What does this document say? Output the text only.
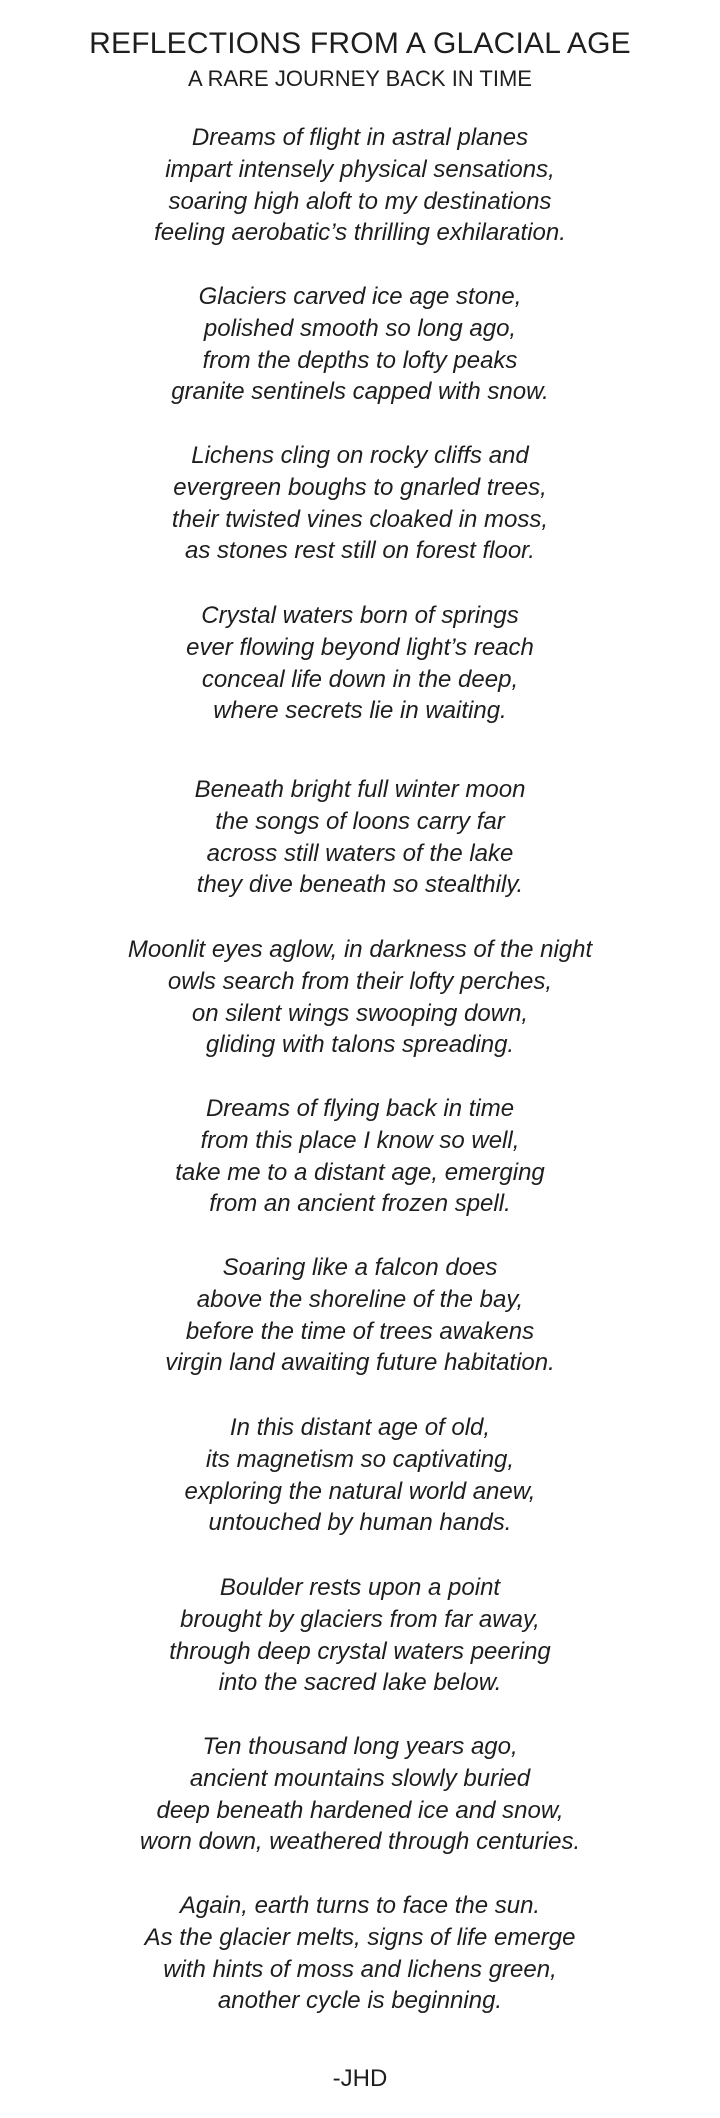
REFLECTIONS FROM A GLACIAL AGE
A RARE JOURNEY BACK IN TIME
Dreams of flight in astral planes
impart intensely physical sensations,
soaring high aloft to my destinations
feeling aerobatic’s thrilling exhilaration.
Glaciers carved ice age stone,
polished smooth so long ago,
from the depths to lofty peaks
granite sentinels capped with snow.
Lichens cling on rocky cliffs and
evergreen boughs to gnarled trees,
their twisted vines cloaked in moss,
as stones rest still on forest floor.
Crystal waters born of springs
ever flowing beyond light’s reach
conceal life down in the deep,
where secrets lie in waiting.
Beneath bright full winter moon
the songs of loons carry far
across still waters of the lake
they dive beneath so stealthily.
Moonlit eyes aglow, in darkness of the night
owls search from their lofty perches,
on silent wings swooping down,
gliding with talons spreading.
Dreams of flying back in time
from this place I know so well,
take me to a distant age, emerging
from an ancient frozen spell.
Soaring like a falcon does
above the shoreline of the bay,
before the time of trees awakens
virgin land awaiting future habitation.
In this distant age of old,
its magnetism so captivating,
exploring the natural world anew,
untouched by human hands.
Boulder rests upon a point
brought by glaciers from far away,
through deep crystal waters peering
into the sacred lake below.
Ten thousand long years ago,
ancient mountains slowly buried
deep beneath hardened ice and snow,
worn down, weathered through centuries.
Again, earth turns to face the sun.
As the glacier melts, signs of life emerge
with hints of moss and lichens green,
another cycle is beginning.
-JHD
